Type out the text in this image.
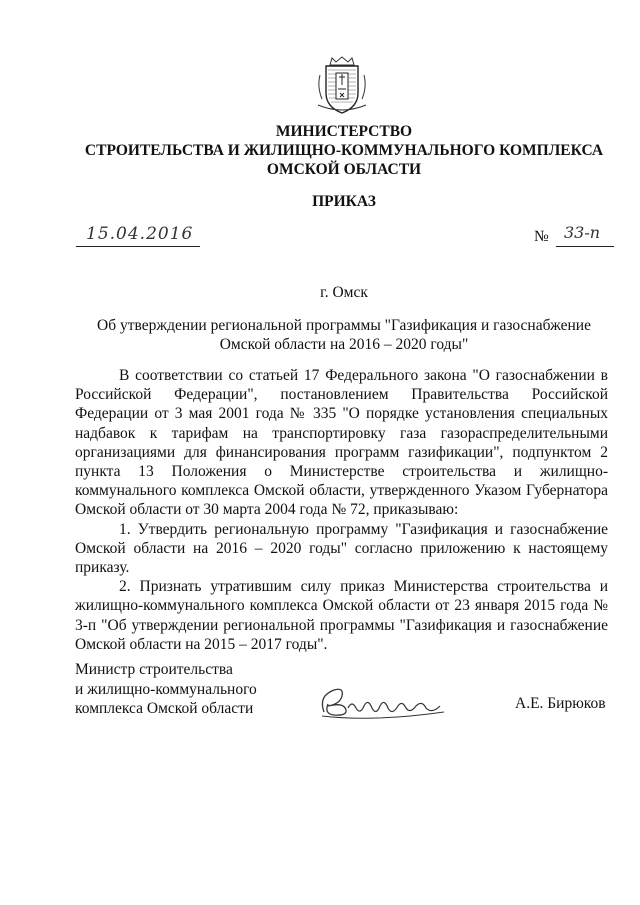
МИНИСТЕРСТВО
СТРОИТЕЛЬСТВА И ЖИЛИЩНО-КОММУНАЛЬНОГО КОМПЛЕКСА
ОМСКОЙ ОБЛАСТИ
ПРИКАЗ
15.04.2016	№ 33-п
г. Омск
Об утверждении региональной программы "Газификация и газоснабжение
Омской области на 2016 – 2020 годы"

В соответствии со статьей 17 Федерального закона "О газоснабжении в Российской Федерации", постановлением Правительства Российской Федерации от 3 мая 2001 года № 335 "О порядке установления специальных надбавок к тарифам на транспортировку газа газораспределительными организациями для финансирования программ газификации", подпунктом 2 пункта 13 Положения о Министерстве строительства и жилищно-коммунального комплекса Омской области, утвержденного Указом Губернатора Омской области от 30 марта 2004 года № 72, приказываю:

1. Утвердить региональную программу "Газификация и газоснабжение Омской области на 2016 – 2020 годы" согласно приложению к настоящему приказу.

2. Признать утратившим силу приказ Министерства строительства и жилищно-коммунального комплекса Омской области от 23 января 2015 года № 3-п "Об утверждении региональной программы "Газификация и газоснабжение Омской области на 2015 – 2017 годы".

Министр строительства
и жилищно-коммунального
комплекса Омской области	А.Е. Бирюков
